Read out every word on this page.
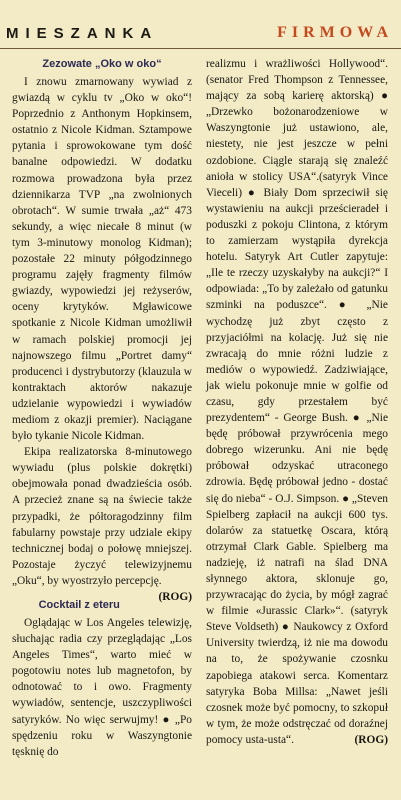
MIESZANKA	FIRMOWA
Zezowate „Oko w oko“

I znowu zmarnowany wywiad z gwiazdą w cyklu tv „Oko w oko“! Poprzednio z Anthonym Hopkinsem, ostatnio z Nicole Kidman. Sztampowe pytania i sprowokowane tym dość banalne odpowiedzi. W dodatku rozmowa prowadzona była przez dziennikarza TVP „na zwolnionych obrotach“. W sumie trwała „aż“ 473 sekundy, a więc niecałe 8 minut (w tym 3-minutowy monolog Kidman); pozostałe 22 minuty półgodzinnego programu zajęły fragmenty filmów gwiazdy, wypowiedzi jej reżyserów, oceny krytyków. Mgławicowe spotkanie z Nicole Kidman umożliwił w ramach polskiej promocji jej najnowszego filmu „Portret damy“ producenci i dystrybutorzy (klauzula w kontraktach aktorów nakazuje udzielanie wypowiedzi i wywiadów mediom z okazji premier). Naciągane było tykanie Nicole Kidman.

Ekipa realizatorska 8-minutowego wywiadu (plus polskie dokrętki) obejmowała ponad dwadzieścia osób. A przecież znane są na świecie także przypadki, że półtoragodzinny film fabularny powstaje przy udziale ekipy technicznej bodaj o połowę mniejszej. Pozostaje życzyć telewizyjnemu „Oku“, by wyostrzyło percepcję.
(ROG)

Cocktail z eteru

Oglądając w Los Angeles telewizję, słuchając radia czy przeglądając „Los Angeles Times“, warto mieć w pogotowiu notes lub magnetofon, by odnotować to i owo. Fragmenty wywiadów, sentencje, uszczypliwości satyryków. No więc serwujmy! ● „Po spędzeniu roku w Waszyngtonie tęsknię do

realizmu i wrażliwości Hollywood“. (senator Fred Thompson z Tennessee, mający za sobą karierę aktorską) ● „Drzewko bożonarodzeniowe w Waszyngtonie już ustawiono, ale, niestety, nie jest jeszcze w pełni ozdobione. Ciągle starają się znaleźć anioła w stolicy USA“.(satyryk Vince Vieceli) ● Biały Dom sprzeciwił się wystawieniu na aukcji prześcieradeł i poduszki z pokoju Clintona, z którym to zamierzam wystąpiła dyrekcja hotelu. Satyryk Art Cutler zapytuje: „Ile te rzeczy uzyskałyby na aukcji?“ I odpowiada: „To by zależało od gatunku szminki na poduszce“. ● „Nie wychodzę już zbyt często z przyjaciółmi na kolację. Już się nie zwracają do mnie różni ludzie z mediów o wypowiedź. Zadziwiające, jak wielu pokonuje mnie w golfie od czasu, gdy przestałem być prezydentem“ - George Bush. ● „Nie będę próbował przywrócenia mego dobrego wizerunku. Ani nie będę próbował odzyskać utraconego zdrowia. Będę próbował jedno - dostać się do nieba“ - O.J. Simpson. ● „Steven Spielberg zapłacił na aukcji 600 tys. dolarów za statuetkę Oscara, którą otrzymał Clark Gable. Spielberg ma nadzieję, iż natrafi na ślad DNA słynnego aktora, sklonuje go, przywracając do życia, by mógł zagrać w filmie «Jurassic Clark»“. (satyryk Steve Voldseth) ● Naukowcy z Oxford University twierdzą, iż nie ma dowodu na to, że spożywanie czosnku zapobiega atakowi serca. Komentarz satyryka Boba Millsa: „Nawet jeśli czosnek może być pomocny, to szkopuł w tym, że może odstręczać od doraźnej pomocy usta-usta“.	(ROG)
